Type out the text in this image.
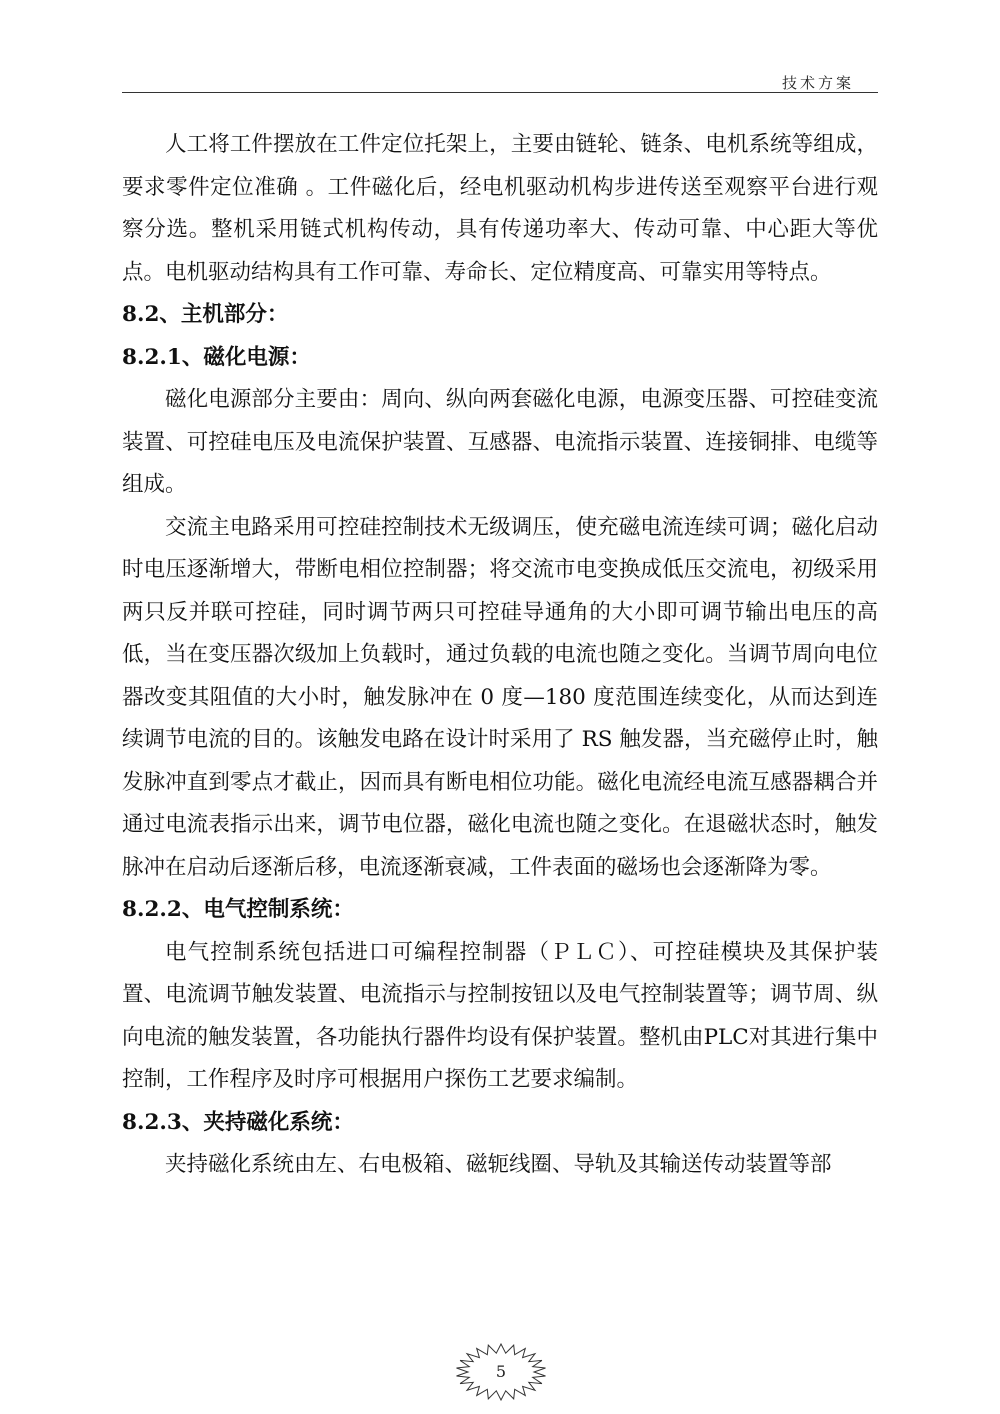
技术方案

人工将工件摆放在工件定位托架上，主要由链轮、链条、电机系统等组成，要求零件定位准确 。工件磁化后，经电机驱动机构步进传送至观察平台进行观察分选。整机采用链式机构传动，具有传递功率大、传动可靠、中心距大等优点。电机驱动结构具有工作可靠、寿命长、定位精度高、可靠实用等特点。

8.2、主机部分：

8.2.1、磁化电源：

磁化电源部分主要由：周向、纵向两套磁化电源，电源变压器、可控硅变流装置、可控硅电压及电流保护装置、互感器、电流指示装置、连接铜排、电缆等组成。

交流主电路采用可控硅控制技术无级调压，使充磁电流连续可调；磁化启动时电压逐渐增大，带断电相位控制器；将交流市电变换成低压交流电，初级采用两只反并联可控硅，同时调节两只可控硅导通角的大小即可调节输出电压的高低，当在变压器次级加上负载时，通过负载的电流也随之变化。当调节周向电位器改变其阻值的大小时，触发脉冲在 0 度—180 度范围连续变化，从而达到连续调节电流的目的。该触发电路在设计时采用了 RS 触发器，当充磁停止时，触发脉冲直到零点才截止，因而具有断电相位功能。磁化电流经电流互感器耦合并通过电流表指示出来，调节电位器，磁化电流也随之变化。在退磁状态时，触发脉冲在启动后逐渐后移，电流逐渐衰减，工件表面的磁场也会逐渐降为零。

8.2.2、电气控制系统：

电气控制系统包括进口可编程控制器（ＰＬＣ）、可控硅模块及其保护装置、电流调节触发装置、电流指示与控制按钮以及电气控制装置等；调节周、纵向电流的触发装置，各功能执行器件均设有保护装置。整机由PLC对其进行集中控制，工作程序及时序可根据用户探伤工艺要求编制。

8.2.3、夹持磁化系统：

夹持磁化系统由左、右电极箱、磁轭线圈、导轨及其输送传动装置等部

5
